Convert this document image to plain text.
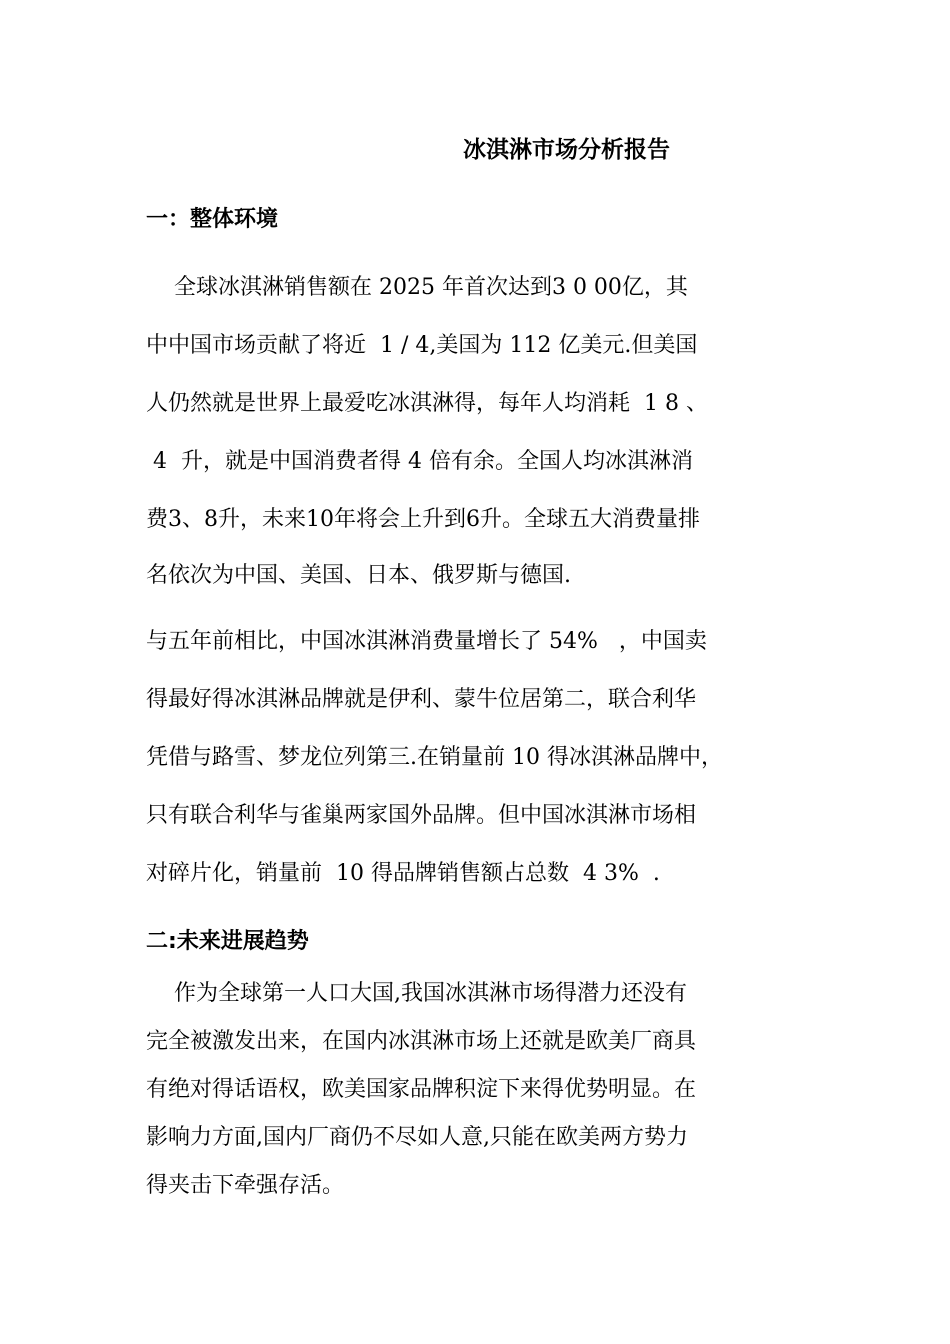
冰淇淋市场分析报告
一：整体环境
全球冰淇淋销售额在 2025 年首次达到3 0 00亿，其
中中国市场贡献了将近  1 / 4,美国为 112 亿美元.但美国
人仍然就是世界上最爱吃冰淇淋得，每年人均消耗  1 8 、
4  升，就是中国消费者得 4 倍有余。全国人均冰淇淋消
费3、8升，未来10年将会上升到6升。全球五大消费量排
名依次为中国、美国、日本、俄罗斯与德国.
与五年前相比，中国冰淇淋消费量增长了 54%   ，中国卖
得最好得冰淇淋品牌就是伊利、蒙牛位居第二，联合利华
凭借与路雪、梦龙位列第三.在销量前 10 得冰淇淋品牌中，
只有联合利华与雀巢两家国外品牌。但中国冰淇淋市场相
对碎片化，销量前  10 得品牌销售额占总数  4 3%  .
二:未来进展趋势
作为全球第一人口大国,我国冰淇淋市场得潜力还没有
完全被激发出来，在国内冰淇淋市场上还就是欧美厂商具
有绝对得话语权，欧美国家品牌积淀下来得优势明显。在
影响力方面,国内厂商仍不尽如人意,只能在欧美两方势力
得夹击下牵强存活。
